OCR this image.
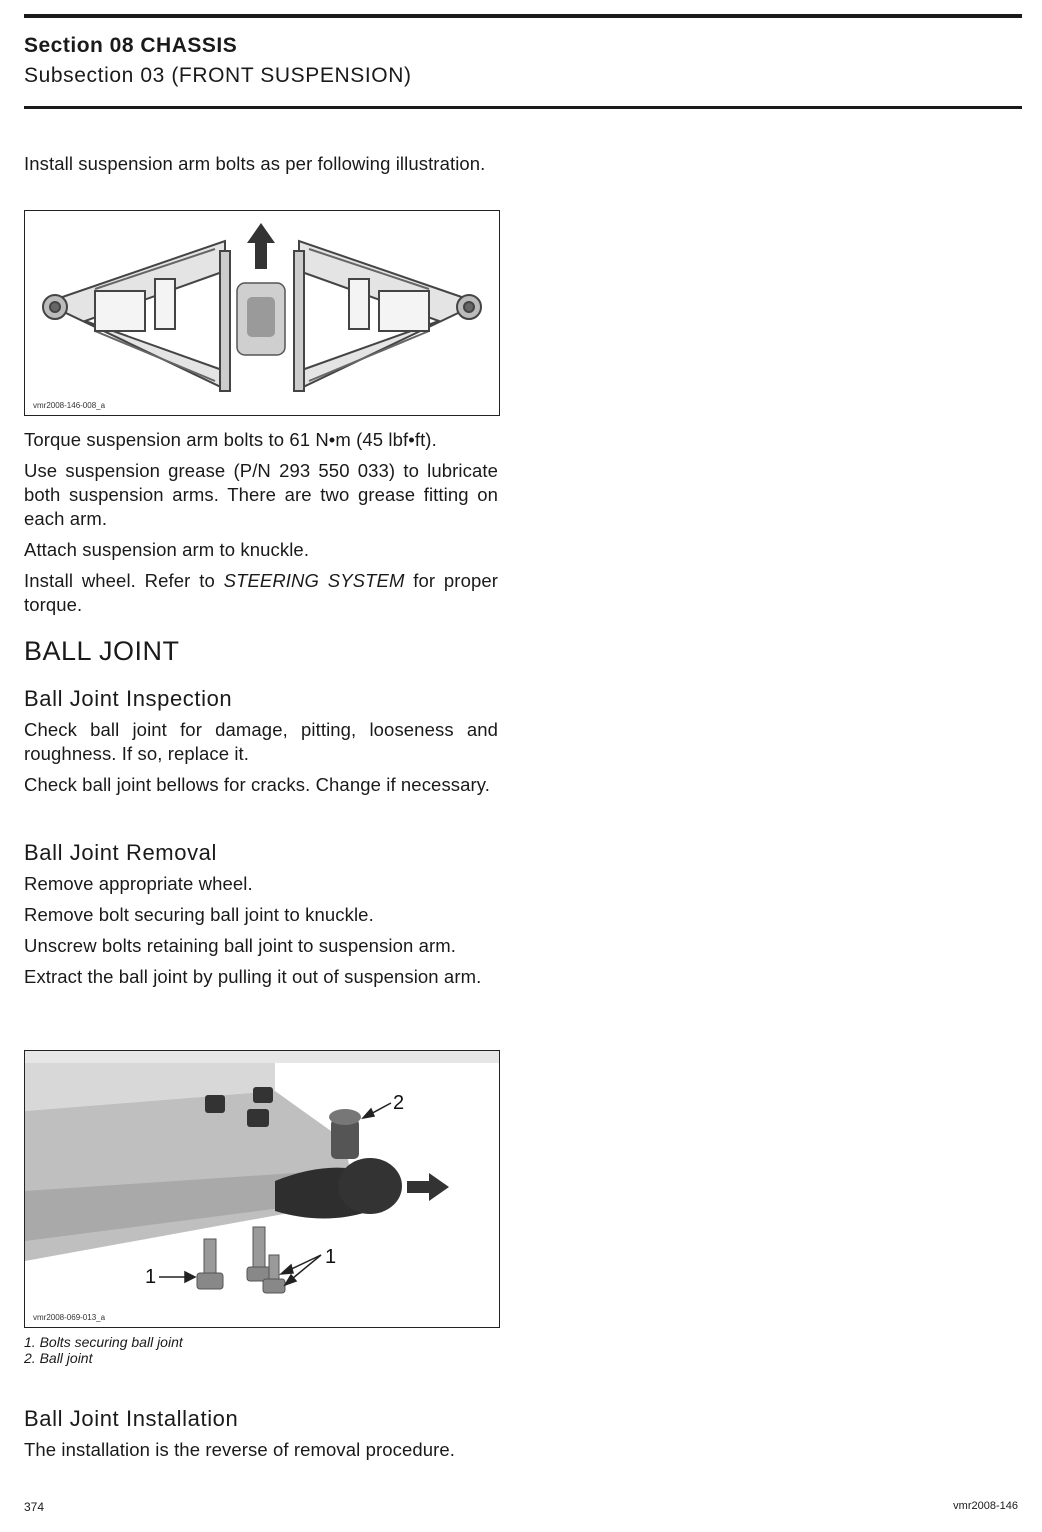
Section 08 CHASSIS
Subsection 03 (FRONT SUSPENSION)

Install suspension arm bolts as per following illustration.

vmr2008-146-008_a

Torque suspension arm bolts to 61 N•m (45 lbf•ft).

Use suspension grease (P/N 293 550 033) to lubricate both suspension arms. There are two grease fitting on each arm.

Attach suspension arm to knuckle.

Install wheel. Refer to STEERING SYSTEM for proper torque.

BALL JOINT
Ball Joint Inspection

Check ball joint for damage, pitting, looseness and roughness. If so, replace it.

Check ball joint bellows for cracks. Change if necessary.

Ball Joint Removal

Remove appropriate wheel.

Remove bolt securing ball joint to knuckle.

Unscrew bolts retaining ball joint to suspension arm.

Extract the ball joint by pulling it out of suspension arm.

1
1
2
vmr2008-069-013_a
1. Bolts securing ball joint
2. Ball joint
Ball Joint Installation

The installation is the reverse of removal procedure.

374	vmr2008-146
